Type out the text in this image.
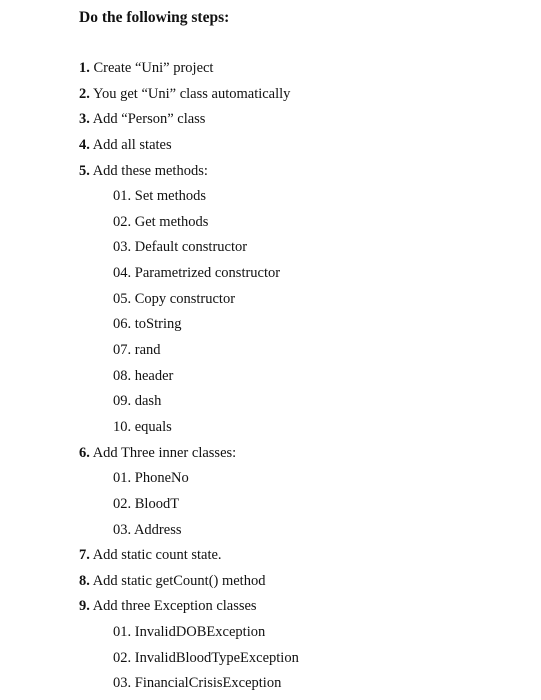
Do the following steps:
1. Create “Uni” project
2. You get “Uni” class automatically
3. Add “Person” class
4. Add all states
5. Add these methods:
01. Set methods
02. Get methods
03. Default constructor
04. Parametrized constructor
05. Copy constructor
06. toString
07. rand
08. header
09. dash
10. equals
6. Add Three inner classes:
01. PhoneNo
02. BloodT
03. Address
7. Add static count state.
8. Add static getCount() method
9. Add three Exception classes
01. InvalidDOBException
02. InvalidBloodTypeException
03. FinancialCrisisException
